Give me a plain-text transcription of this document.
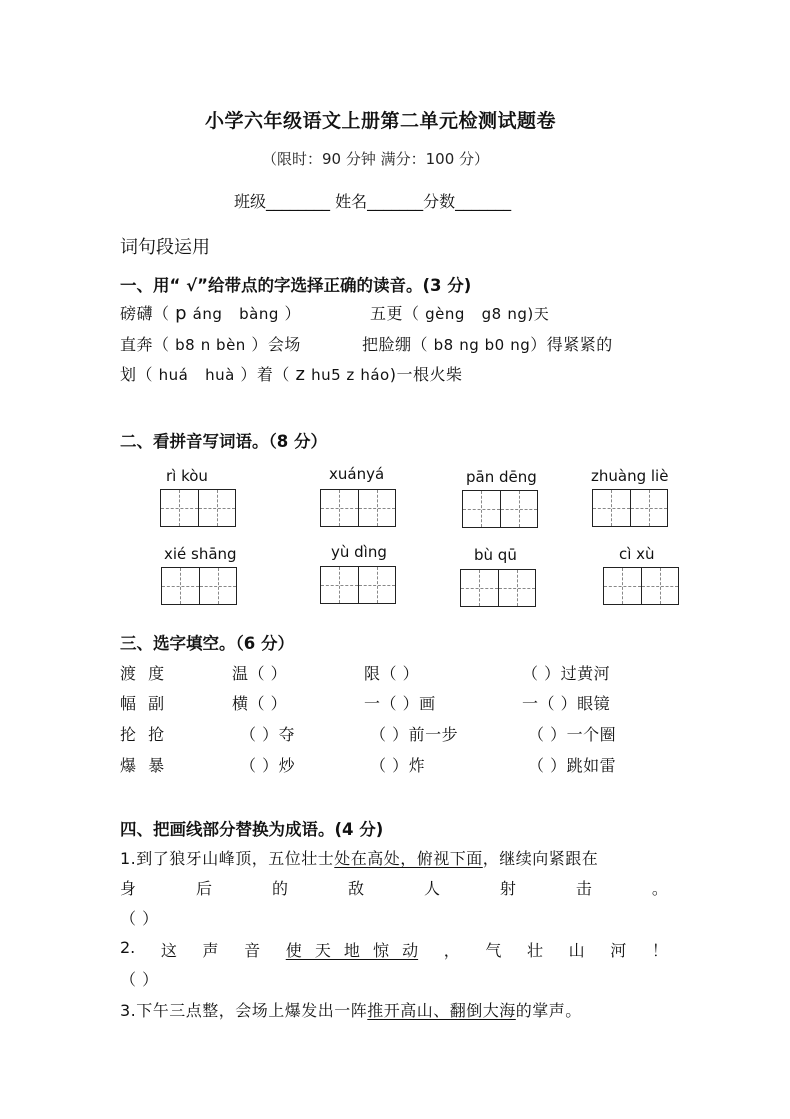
小学六年级语文上册第二单元检测试题卷
（限时：90 分钟 满分：100 分）
班级________ 姓名_______分数_______
词句段运用
一、用“ √”给带点的字选择正确的读音。(3 分)
磅礴（ p áng bàng ）	五更（ gèng g8 ng)天
直奔（ b8 n bèn ）会场	把脸绷（ b8 ng b0 ng）得紧紧的
划（ huá huà ）着（ z hu5 z háo)一根火柴
二、看拼音写词语。（8 分）
rì kòu	xuányá	pān dēng	zhuàng liè
xié shāng	yù dìng	bù qū	cì xù
三、选字填空。（6 分）
渡 度	温（ ）	限（ ）	（ ）过黄河
幅 副	横（ ）	一（ ）画	一（ ）眼镜
抡 抢	（ ）夺	（ ）前一步	（ ）一个圈
爆 暴	（ ）炒	（ ）炸	（ ）跳如雷
四、把画线部分替换为成语。(4 分)
1.到了狼牙山峰顶，五位壮士处在高处，俯视下面，继续向紧跟在
身	后	的	敌	人	射	击	。
（ ）
2. 这 声 音 使 天 地 惊 动 ， 气 壮 山 河 ！
（ ）
3.下午三点整，会场上爆发出一阵推开高山、翻倒大海的掌声。
